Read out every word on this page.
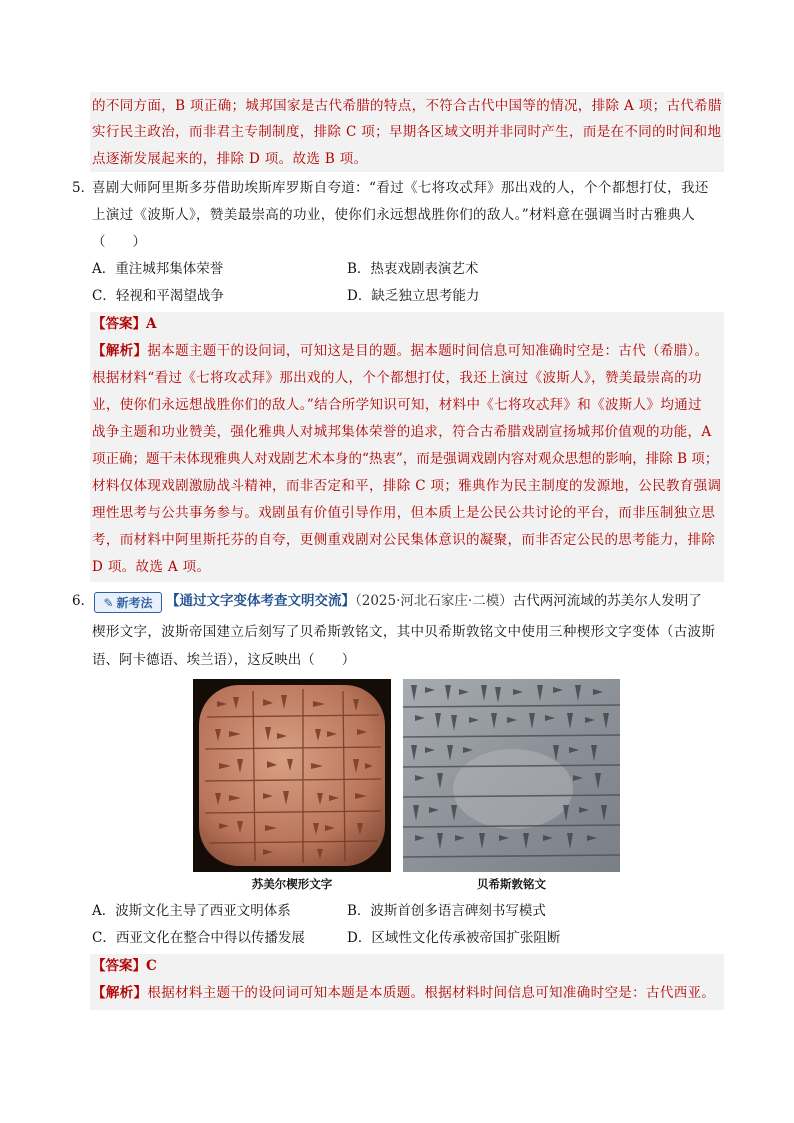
的不同方面，B 项正确；城邦国家是古代希腊的特点，不符合古代中国等的情况，排除 A 项；古代希腊
实行民主政治，而非君主专制制度，排除 C 项；早期各区域文明并非同时产生，而是在不同的时间和地
点逐渐发展起来的，排除 D 项。故选 B 项。
5．
喜剧大师阿里斯多芬借助埃斯库罗斯自夸道：“看过《七将攻忒拜》那出戏的人，个个都想打仗，我还
上演过《波斯人》，赞美最崇高的功业，使你们永远想战胜你们的敌人。”材料意在强调当时古雅典人
（　　）
A．重注城邦集体荣誉	B．热衷戏剧表演艺术
C．轻视和平渴望战争	D．缺乏独立思考能力
【答案】A
【解析】据本题主题干的设问词，可知这是目的题。据本题时间信息可知准确时空是：古代（希腊）。
根据材料“看过《七将攻忒拜》那出戏的人，个个都想打仗，我还上演过《波斯人》，赞美最崇高的功
业，使你们永远想战胜你们的敌人。”结合所学知识可知，材料中《七将攻忒拜》和《波斯人》均通过
战争主题和功业赞美，强化雅典人对城邦集体荣誉的追求，符合古希腊戏剧宣扬城邦价值观的功能，A
项正确；题干未体现雅典人对戏剧艺术本身的“热衷”，而是强调戏剧内容对观众思想的影响，排除 B 项；
材料仅体现戏剧激励战斗精神，而非否定和平，排除 C 项；雅典作为民主制度的发源地，公民教育强调
理性思考与公共事务参与。戏剧虽有价值引导作用，但本质上是公民公共讨论的平台，而非压制独立思
考，而材料中阿里斯托芬的自夸，更侧重戏剧对公民集体意识的凝聚，而非否定公民的思考能力，排除
D 项。故选 A 项。
6． ✎ 新考法 【通过文字变体考查文明交流】（2025·河北石家庄·二模）古代两河流域的苏美尔人发明了
楔形文字，波斯帝国建立后刻写了贝希斯敦铭文，其中贝希斯敦铭文中使用三种楔形文字变体（古波斯
语、阿卡德语、埃兰语），这反映出（　　）
苏美尔楔形文字	贝希斯敦铭文
A．波斯文化主导了西亚文明体系	B．波斯首创多语言碑刻书写模式
C．西亚文化在整合中得以传播发展	D．区域性文化传承被帝国扩张阻断
【答案】C
【解析】根据材料主题干的设问词可知本题是本质题。根据材料时间信息可知准确时空是：古代西亚。
